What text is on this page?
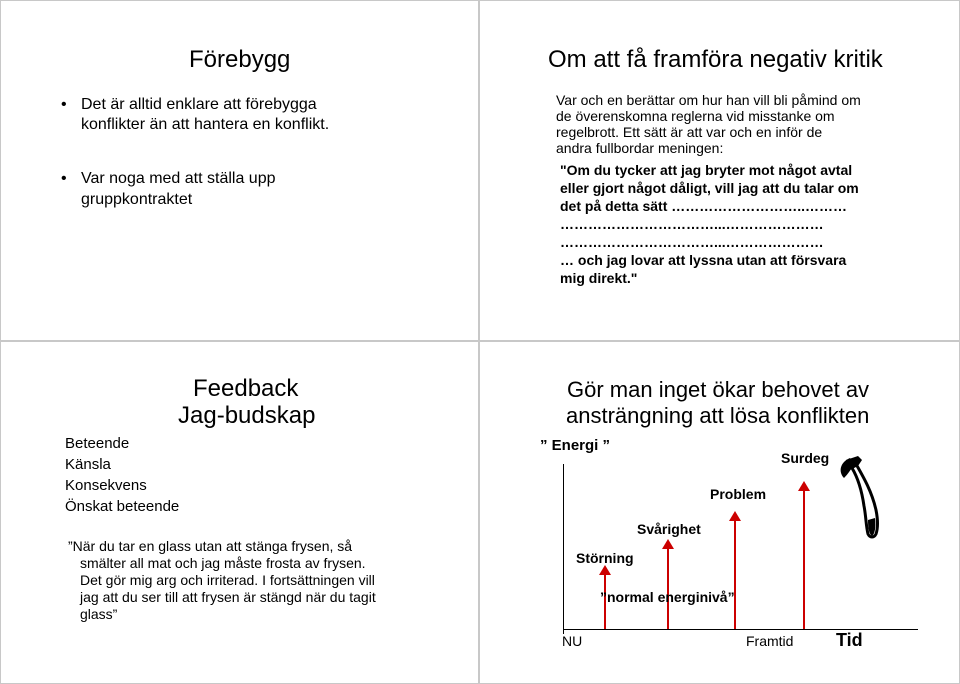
Förebygg
• Det är alltid enklare att förebygga
konflikter än att hantera en konflikt.
• Var noga med att ställa upp
gruppkontraktet
Om att få framföra negativ kritik
Var och en berättar om hur han vill bli påmind om
de överenskomna reglerna vid misstanke om
regelbrott. Ett sätt är att var och en inför de
andra fullbordar meningen:
"Om du tycker att jag bryter mot något avtal
eller gjort något dåligt, vill jag att du talar om
det på detta sätt ………………………..………
……………………………...…………………
……………………………...…………………
… och jag lovar att lyssna utan att försvara
mig direkt."
Feedback
Jag-budskap
Beteende
Känsla
Konsekvens
Önskat beteende
”När du tar en glass utan att stänga frysen, så
smälter all mat och jag måste frosta av frysen.
Det gör mig arg och irriterad. I fortsättningen vill
jag att du ser till att frysen är stängd när du tagit
glass”
Gör man inget ökar behovet av
ansträngning att lösa konflikten
” Energi ”
Störning
Svårighet
Problem
Surdeg
”normal energinivå”
NU	Framtid Tid
